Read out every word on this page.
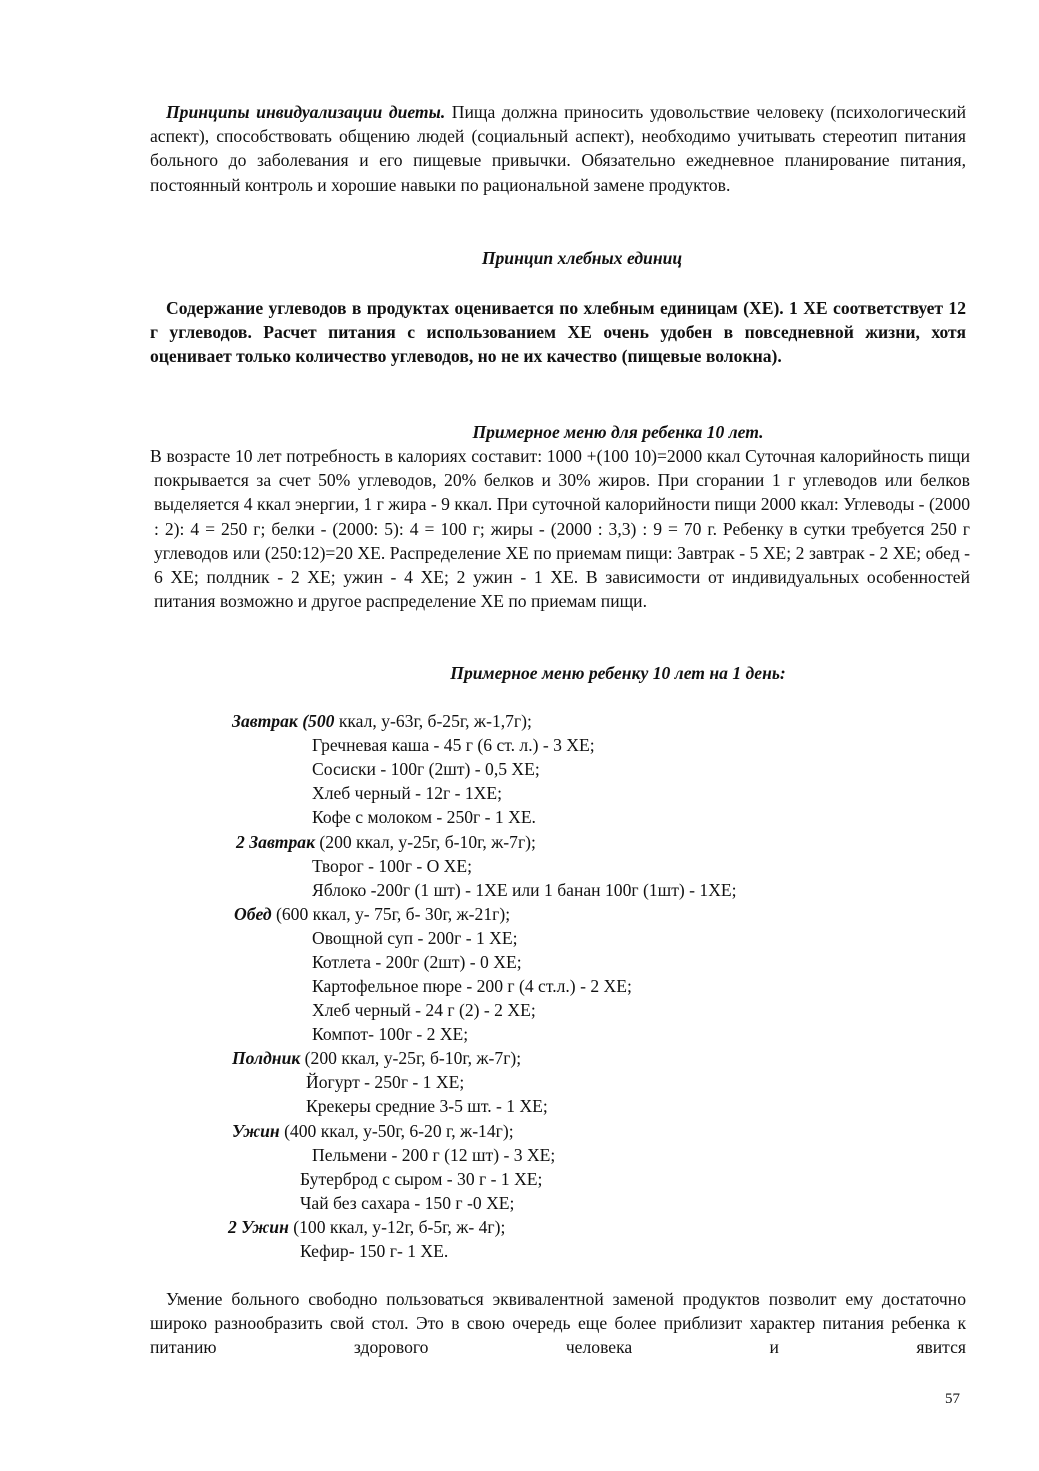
Принципы инвидуализации диеты. Пища должна приносить удовольствие человеку (психологический аспект), способствовать общению людей (социальный аспект), необходимо учитывать стереотип питания больного до заболевания и его пищевые привычки. Обязательно ежедневное планирование питания, постоянный контроль и хорошие навыки по рациональной замене продуктов.

Принцип хлебных единиц

Содержание углеводов в продуктах оценивается по хлебным единицам (ХЕ). 1 ХЕ соответствует 12 г углеводов. Расчет питания с использованием ХЕ очень удобен в повседневной жизни, хотя оценивает только количество углеводов, но не их качество (пищевые волокна).

Примерное меню для ребенка 10 лет.

В возрасте 10 лет потребность в калориях составит: 1000 +(100 10)=2000 ккал Суточная калорийность пищи покрывается за счет 50% углеводов, 20% белков и 30% жиров. При сгорании 1 г углеводов или белков выделяется 4 ккал энергии, 1 г жира - 9 ккал. При суточной калорийности пищи 2000 ккал: Углеводы - (2000 : 2): 4 = 250 г; белки - (2000: 5): 4 = 100 г; жиры - (2000 : 3,3) : 9 = 70 г. Ребенку в сутки требуется 250 г углеводов или (250:12)=20 ХЕ. Распределение ХЕ по приемам пищи: Завтрак - 5 ХЕ; 2 завтрак - 2 ХЕ; обед - 6 ХЕ; полдник - 2 ХЕ; ужин - 4 ХЕ; 2 ужин - 1 ХЕ. В зависимости от индивидуальных особенностей питания возможно и другое распределение ХЕ по приемам пищи.

Примерное меню ребенку 10 лет на 1 день:

Завтрак (500 ккал, у-63г, б-25г, ж-1,7г);
Гречневая каша - 45 г (6 ст. л.) - 3 ХЕ;
Сосиски - 100г (2шт) - 0,5 ХЕ;
Хлеб черный - 12г - 1ХЕ;
Кофе с молоком - 250г - 1 ХЕ.
2 Завтрак (200 ккал, у-25г, б-10г, ж-7г);
Творог - 100г - О ХЕ;
Яблоко -200г (1 шт) - 1ХЕ или 1 банан 100г (1шт) - 1ХЕ;
Обед (600 ккал, у- 75г, б- 30г, ж-21г);
Овощной суп - 200г - 1 ХЕ;
Котлета - 200г (2шт) - 0 ХЕ;
Картофельное пюре - 200 г (4 ст.л.) - 2 ХЕ;
Хлеб черный - 24 г (2) - 2 ХЕ;
Компот- 100г - 2 ХЕ;
Полдник (200 ккал, у-25г, б-10г, ж-7г);
Йогурт - 250г - 1 ХЕ;
Крекеры средние 3-5 шт. - 1 ХЕ;
Ужин (400 ккал, у-50г, 6-20 г, ж-14г);
Пельмени - 200 г (12 шт) - 3 ХЕ;
Бутерброд с сыром - 30 г - 1 ХЕ;
Чай без сахара - 150 г -0 ХЕ;
2 Ужин (100 ккал, у-12г, б-5г, ж- 4г);
Кефир- 150 г- 1 ХЕ.

Умение больного свободно пользоваться эквивалентной заменой продуктов позволит ему достаточно широко разнообразить свой стол. Это в свою очередь еще более приблизит характер питания ребенка к питанию здорового человека и явится

57
